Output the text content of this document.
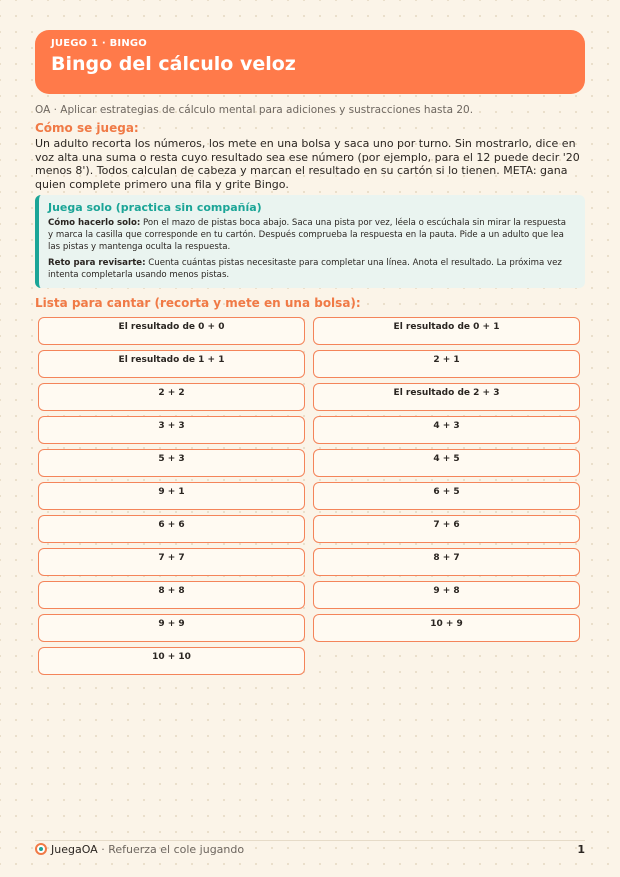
JUEGO 1 · BINGO
Bingo del cálculo veloz
OA · Aplicar estrategias de cálculo mental para adiciones y sustracciones hasta 20.
Cómo se juega:
Un adulto recorta los números, los mete en una bolsa y saca uno por turno. Sin mostrarlo, dice en voz alta una suma o resta cuyo resultado sea ese número (por ejemplo, para el 12 puede decir '20 menos 8'). Todos calculan de cabeza y marcan el resultado en su cartón si lo tienen. META: gana quien complete primero una fila y grite Bingo.
Juega solo (practica sin compañía)

Cómo hacerlo solo: Pon el mazo de pistas boca abajo. Saca una pista por vez, léela o escúchala sin mirar la respuesta y marca la casilla que corresponde en tu cartón. Después comprueba la respuesta en la pauta. Pide a un adulto que lea las pistas y mantenga oculta la respuesta.

Reto para revisarte: Cuenta cuántas pistas necesitaste para completar una línea. Anota el resultado. La próxima vez intenta completarla usando menos pistas.

Lista para cantar (recorta y mete en una bolsa):
El resultado de 0 + 0	El resultado de 0 + 1
El resultado de 1 + 1	2 + 1
2 + 2	El resultado de 2 + 3
3 + 3	4 + 3
5 + 3	4 + 5
9 + 1	6 + 5
6 + 6	7 + 6
7 + 7	8 + 7
8 + 8	9 + 8
9 + 9	10 + 9
10 + 10
JuegaOA · Refuerza el cole jugando	1
